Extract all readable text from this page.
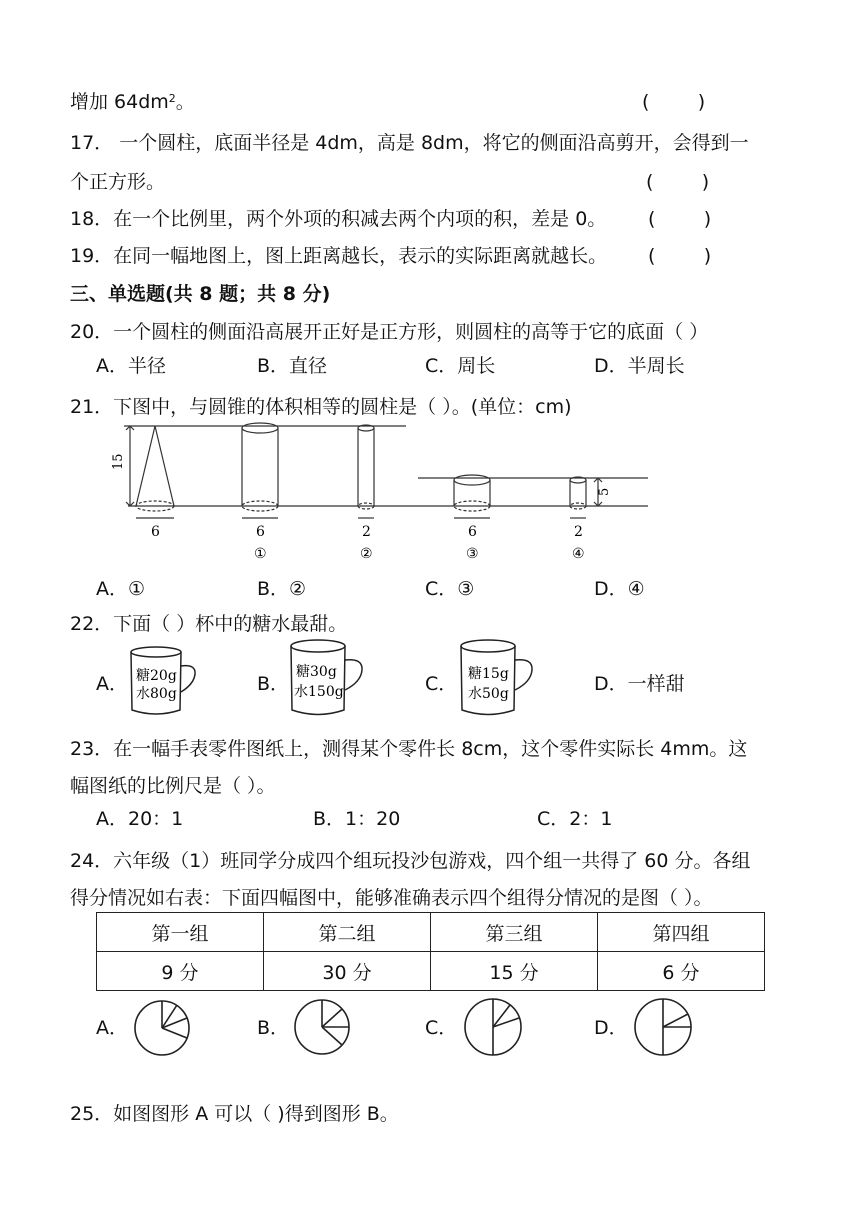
增加 $64dm^2$。	(        )
17． 一个圆柱，底面半径是 4dm，高是 8dm，将它的侧面沿高剪开，会得到一
个正方形。	(        )
18．在一个比例里，两个外项的积减去两个内项的积，差是 0。 (        )
19．在同一幅地图上，图上距离越长，表示的实际距离就越长。 (        )
三、单选题(共 8 题；共 8 分)
20．一个圆柱的侧面沿高展开正好是正方形，则圆柱的高等于它的底面（ ）
A．半径	B．直径	C．周长	D．半周长
21．下图中，与圆锥的体积相等的圆柱是（ ）。(单位：cm)
15
5
6	6	2	6	2
①	②	③	④
A．①	B．②	C．③	D．④
22．下面（ ）杯中的糖水最甜。
A． 糖20g
水80g	B．
糖30g
水150g	C． 糖15g
水50g	D．一样甜
23．在一幅手表零件图纸上，测得某个零件长 8cm，这个零件实际长 4mm。这
幅图纸的比例尺是（ ）。
A．20：1	B．1：20	C．2：1
24．六年级（1）班同学分成四个组玩投沙包游戏，四个组一共得了 60 分。各组
得分情况如右表：下面四幅图中，能够准确表示四个组得分情况的是图（ ）。
第一组	第二组	第三组	第四组
9 分	30 分	15 分	6 分
A．	B．	C．	D．
25．如图图形 A 可以（ )得到图形 B。
